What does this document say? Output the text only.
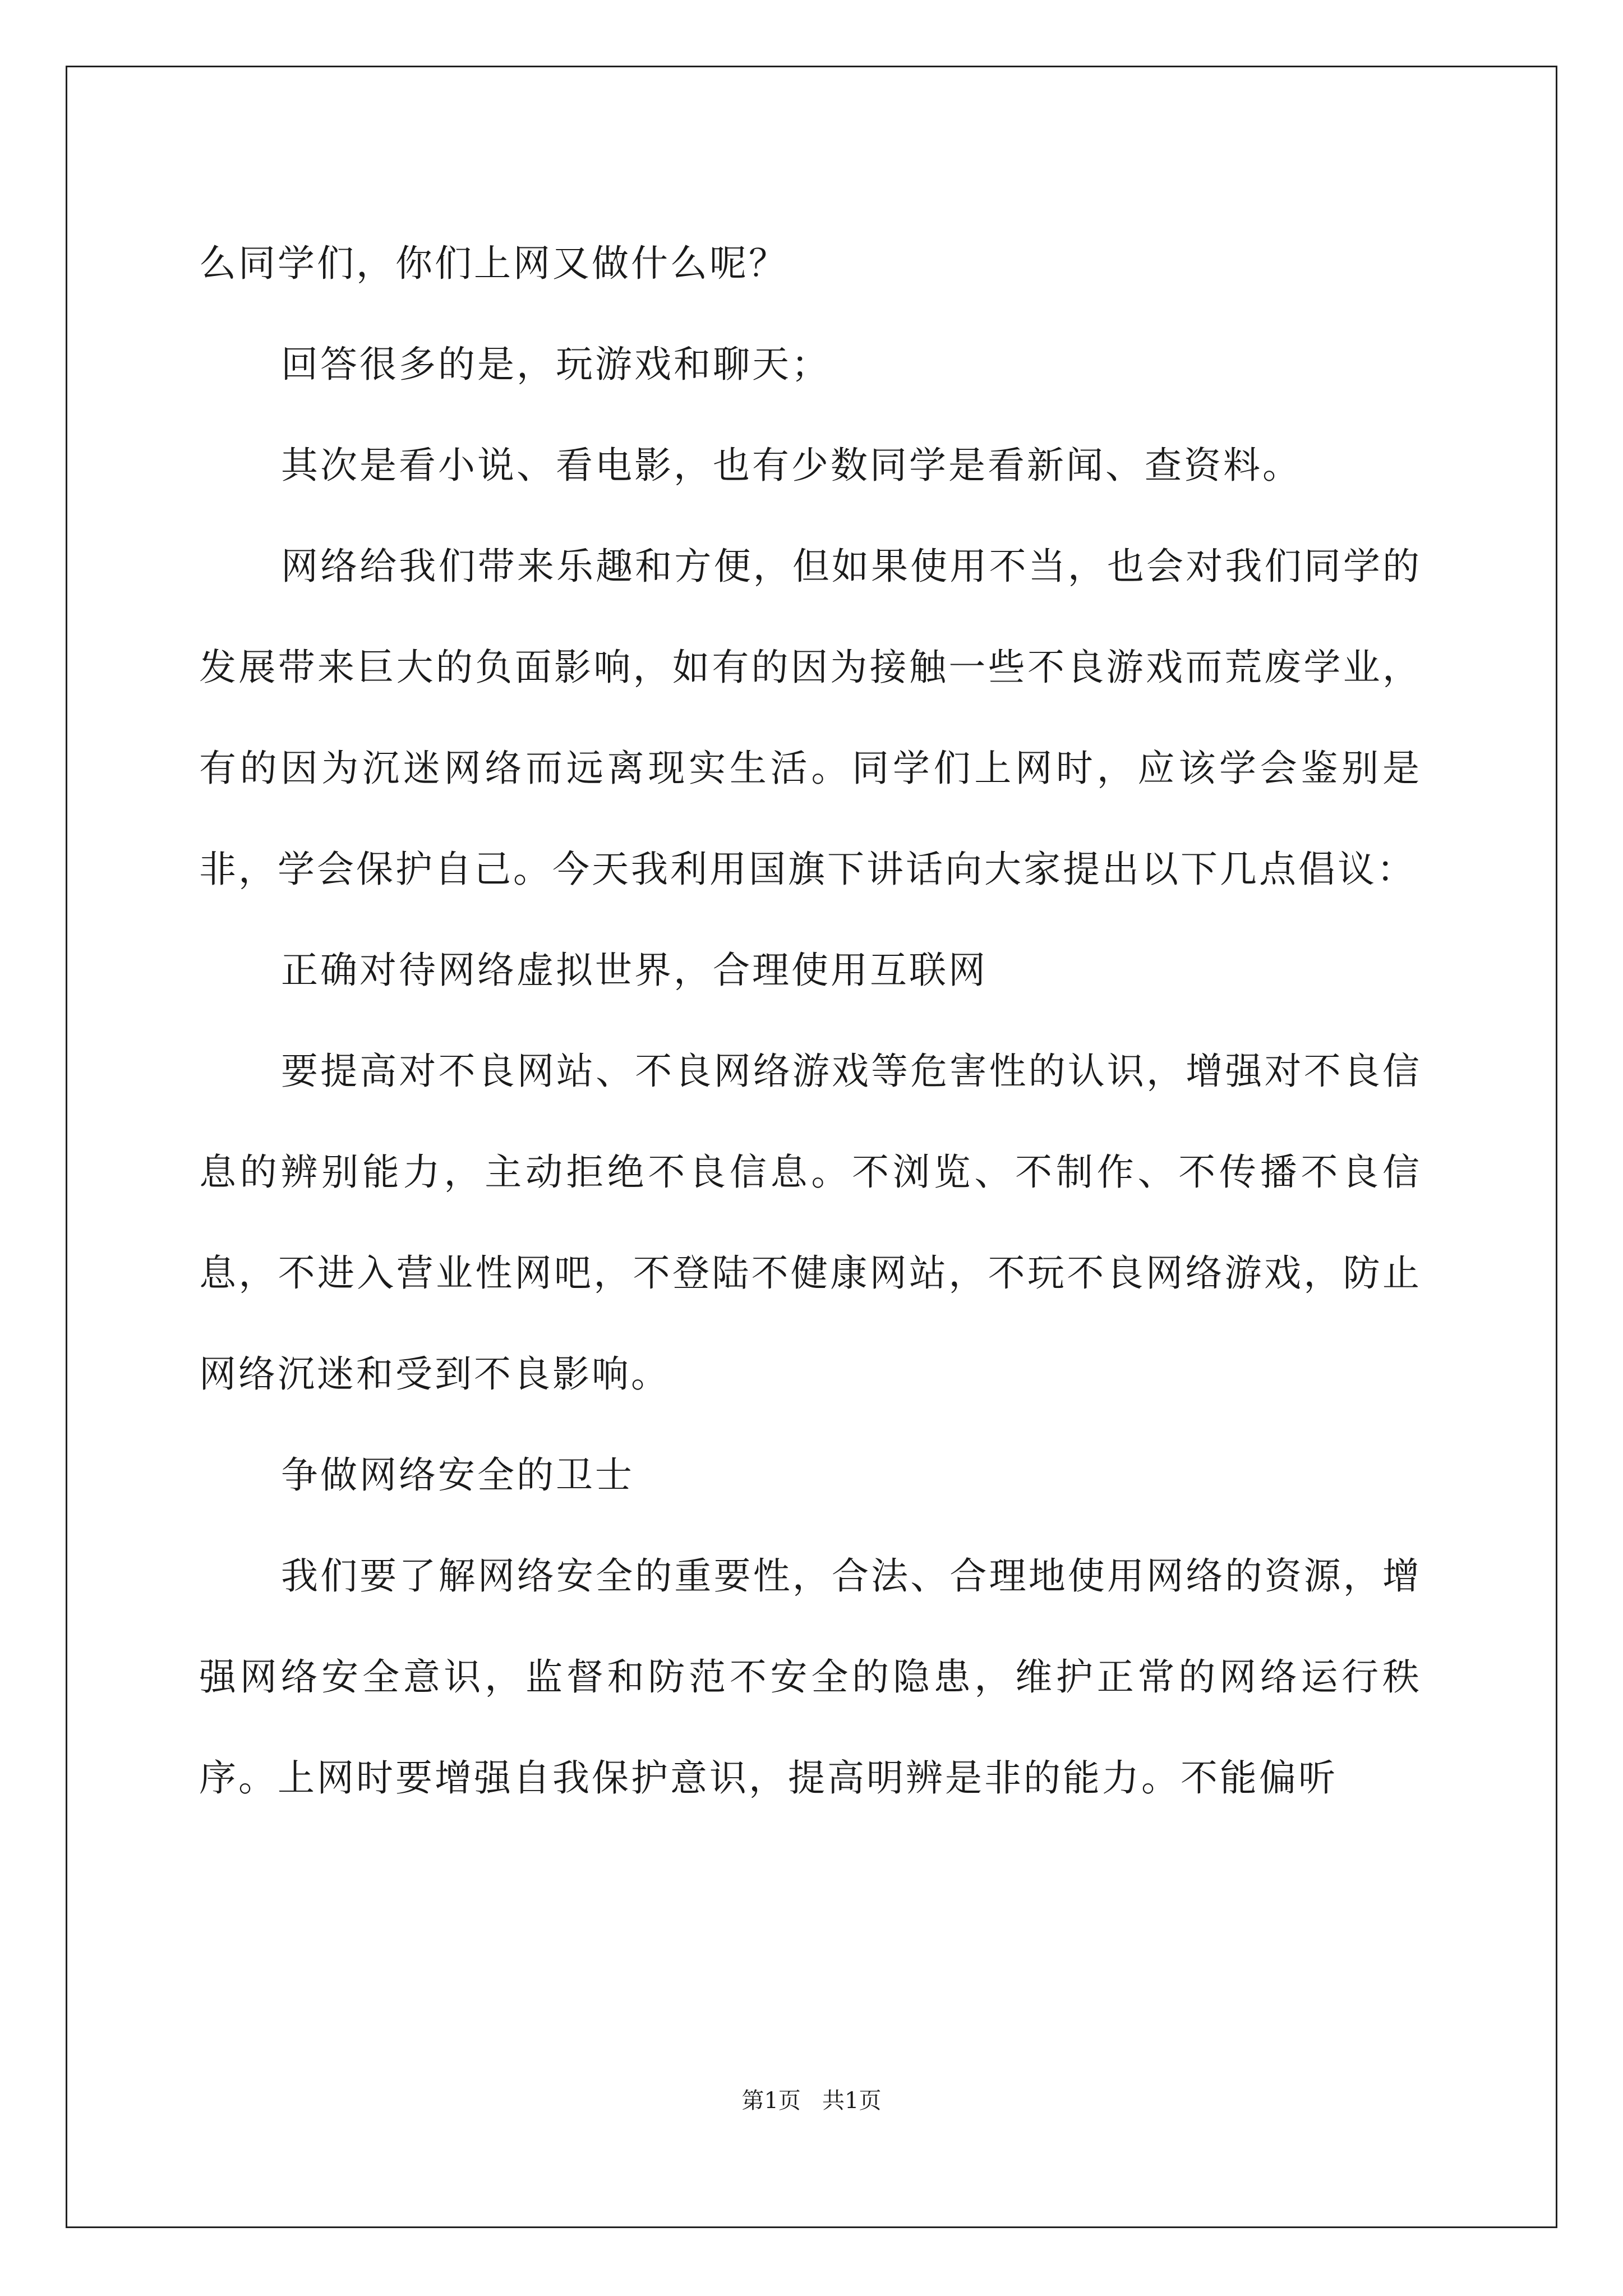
么同学们，你们上网又做什么呢？

回答很多的是，玩游戏和聊天；

其次是看小说、看电影，也有少数同学是看新闻、查资料。

网络给我们带来乐趣和方便，但如果使用不当，也会对我们同学的发展带来巨大的负面影响，如有的因为接触一些不良游戏而荒废学业，有的因为沉迷网络而远离现实生活。同学们上网时，应该学会鉴别是非，学会保护自己。今天我利用国旗下讲话向大家提出以下几点倡议：

正确对待网络虚拟世界，合理使用互联网

要提高对不良网站、不良网络游戏等危害性的认识，增强对不良信息的辨别能力，主动拒绝不良信息。不浏览、不制作、不传播不良信息，不进入营业性网吧，不登陆不健康网站，不玩不良网络游戏，防止网络沉迷和受到不良影响。

争做网络安全的卫士

我们要了解网络安全的重要性，合法、合理地使用网络的资源，增强网络安全意识，监督和防范不安全的隐患，维护正常的网络运行秩序。上网时要增强自我保护意识，提高明辨是非的能力。不能偏听

第1页   共1页
